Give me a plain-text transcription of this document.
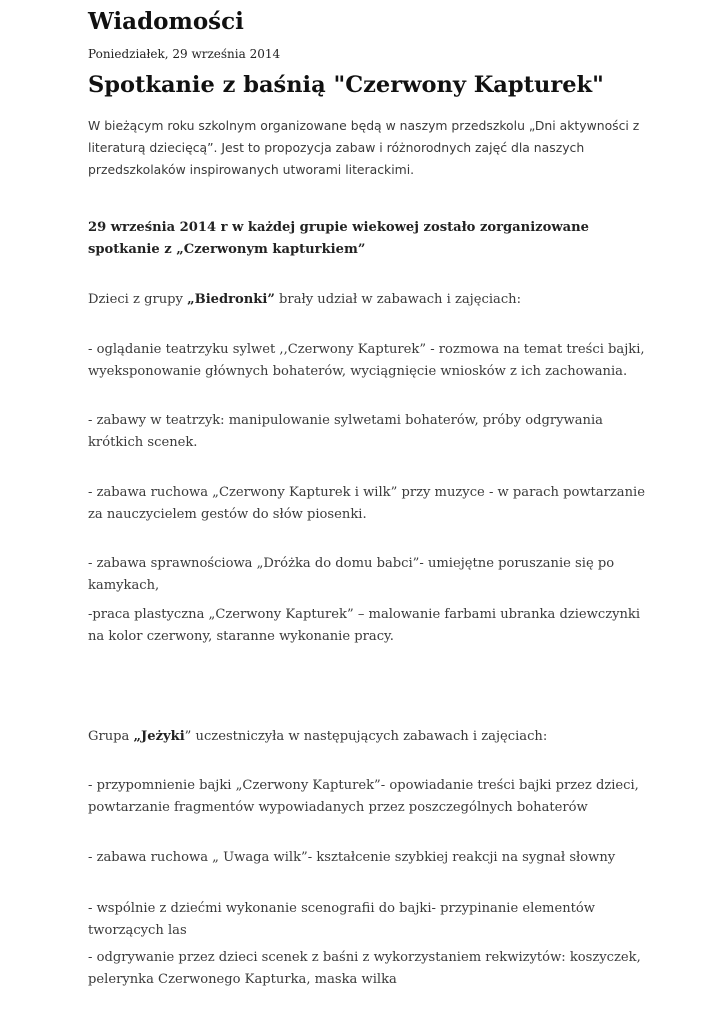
Wiadomości
Poniedziałek, 29 września 2014
Spotkanie z baśnią "Czerwony Kapturek"

W bieżącym roku szkolnym organizowane będą w naszym przedszkolu „Dni aktywności z literaturą dziecięcą”. Jest to propozycja zabaw i różnorodnych zajęć dla naszych przedszkolaków inspirowanych utworami literackimi.

29 września 2014 r w każdej grupie wiekowej zostało zorganizowane spotkanie z „Czerwonym kapturkiem”

Dzieci z grupy „Biedronki” brały udział w zabawach i zajęciach:

- oglądanie teatrzyku sylwet ,,Czerwony Kapturek” - rozmowa na temat treści bajki, wyeksponowanie głównych bohaterów, wyciągnięcie wniosków z ich zachowania.

- zabawy w teatrzyk: manipulowanie sylwetami bohaterów, próby odgrywania krótkich scenek.

- zabawa ruchowa „Czerwony Kapturek i wilk” przy muzyce - w parach powtarzanie za nauczycielem gestów do słów piosenki.

- zabawa sprawnościowa „Dróżka do domu babci”- umiejętne poruszanie się po kamykach,

-praca plastyczna „Czerwony Kapturek” – malowanie farbami ubranka dziewczynki na kolor czerwony, staranne wykonanie pracy.

Grupa „Jeżyki” uczestniczyła w następujących zabawach i zajęciach:

- przypomnienie bajki „Czerwony Kapturek”- opowiadanie treści bajki przez dzieci, powtarzanie fragmentów wypowiadanych przez poszczególnych bohaterów

- zabawa ruchowa „ Uwaga wilk”- kształcenie szybkiej reakcji na sygnał słowny

- wspólnie z dziećmi wykonanie scenografii do bajki- przypinanie elementów tworzących las

- odgrywanie przez dzieci scenek z baśni z wykorzystaniem rekwizytów: koszyczek, pelerynka Czerwonego Kapturka, maska wilka
